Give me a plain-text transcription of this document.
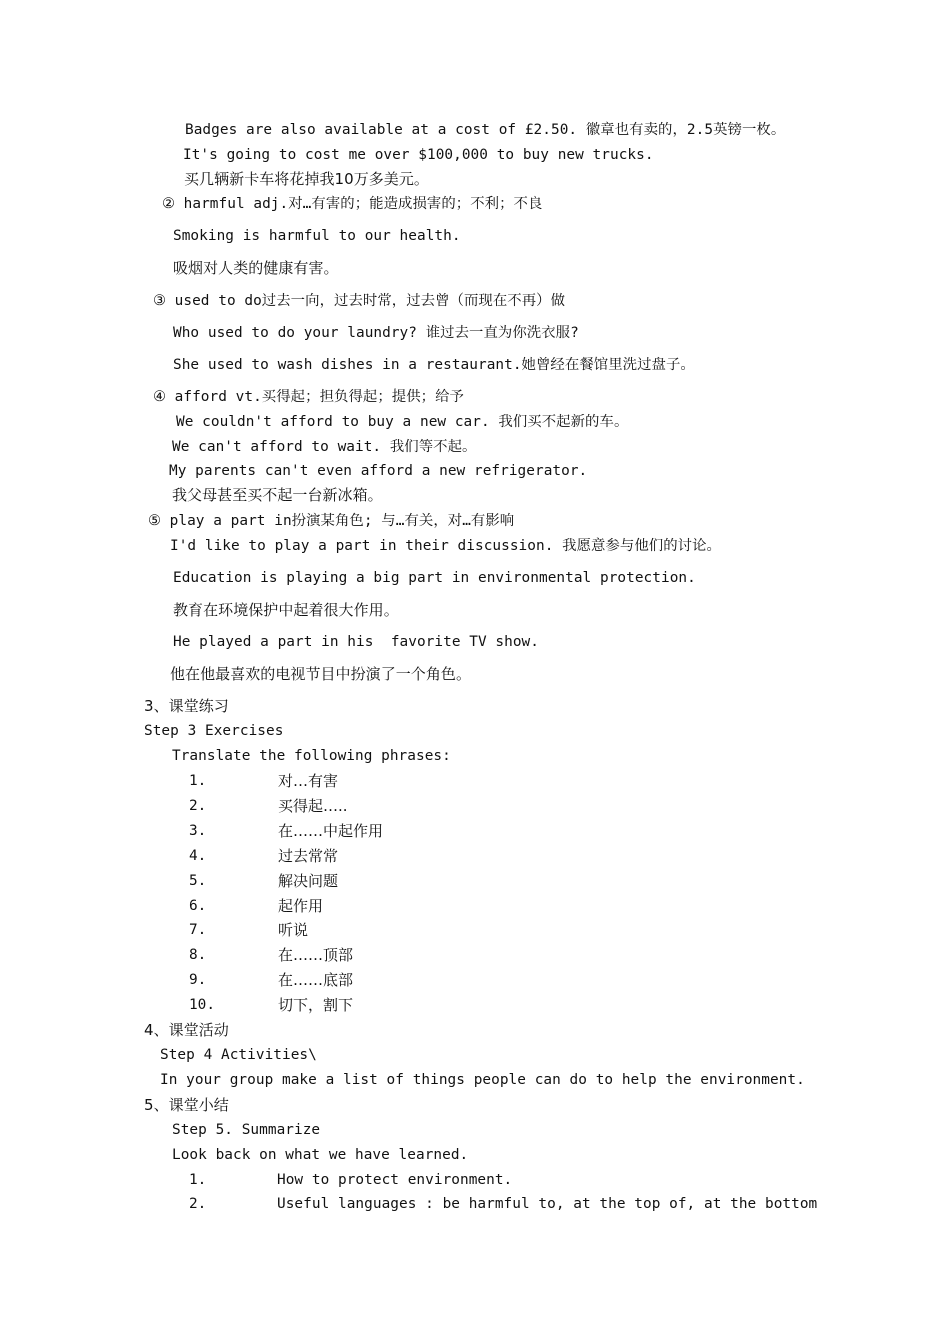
Badges are also available at a cost of £2.50. 徽章也有卖的，2.5英镑一枚。
It's going to cost me over $100,000 to buy new trucks.
买几辆新卡车将花掉我10万多美元。
② harmful adj.对…有害的；能造成损害的；不利；不良
Smoking is harmful to our health.
吸烟对人类的健康有害。
③ used to do过去一向，过去时常，过去曾（而现在不再）做
Who used to do your laundry? 谁过去一直为你洗衣服?
She used to wash dishes in a restaurant.她曾经在餐馆里洗过盘子。
④ afford vt.买得起；担负得起；提供；给予
We couldn't afford to buy a new car. 我们买不起新的车。
We can't afford to wait. 我们等不起。
My parents can't even afford a new refrigerator.
我父母甚至买不起一台新冰箱。
⑤ play a part in扮演某角色; 与…有关，对…有影响
I'd like to play a part in their discussion. 我愿意参与他们的讨论。
Education is playing a big part in environmental protection.
教育在环境保护中起着很大作用。
He played a part in his  favorite TV show.
他在他最喜欢的电视节目中扮演了一个角色。
3、课堂练习
Step 3 Exercises
Translate the following phrases:
1.	对…有害
2.	买得起…..
3.	在……中起作用
4.	过去常常
5.	解决问题
6.	起作用
7.	听说
8.	在……顶部
9.	在……底部
10.	切下，割下
4、课堂活动
Step 4 Activities\
In your group make a list of things people can do to help the environment.
5、课堂小结
Step 5. Summarize
Look back on what we have learned.
1.	How to protect environment.
2.	Useful languages : be harmful to, at the top of, at the bottom
